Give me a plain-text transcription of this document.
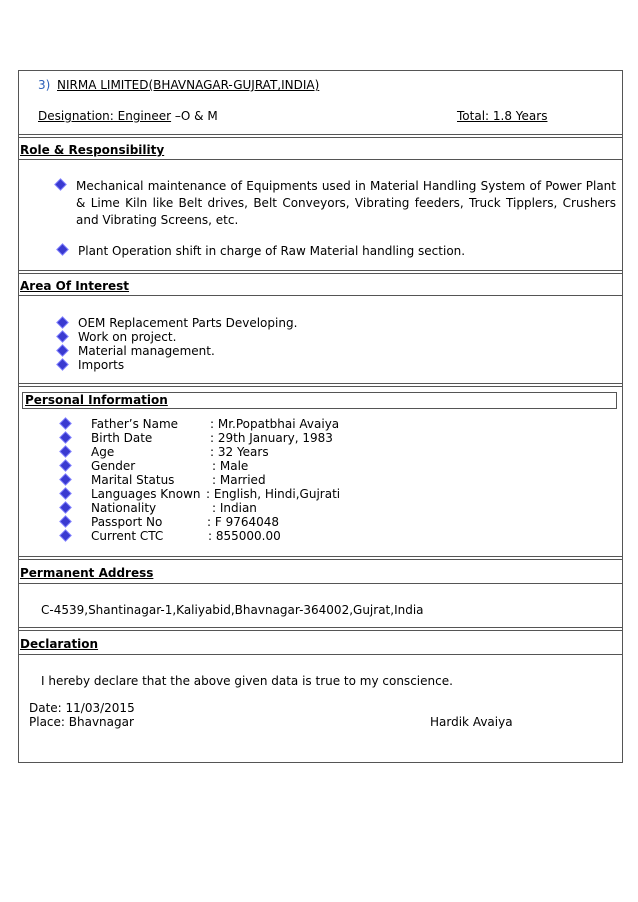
3) NIRMA LIMITED(BHAVNAGAR-GUJRAT,INDIA)
Designation: Engineer –O & M	Total: 1.8 Years
Role & Responsibility
Mechanical maintenance of Equipments used in Material Handling System of Power Plant & Lime Kiln like Belt drives, Belt Conveyors, Vibrating feeders, Truck Tipplers, Crushers and Vibrating Screens, etc.
Plant Operation shift in charge of Raw Material handling section.
Area Of Interest
OEM Replacement Parts Developing.
Work on project.
Material management.
Imports
Personal Information
Father’s Name	: Mr.Popatbhai Avaiya
Birth Date	: 29th January, 1983
Age	: 32 Years
Gender	: Male
Marital Status	: Married
Languages Known : English, Hindi,Gujrati
Nationality	: Indian
Passport No	: F 9764048
Current CTC	: 855000.00
Permanent Address
C-4539,Shantinagar-1,Kaliyabid,Bhavnagar-364002,Gujrat,India
Declaration
I hereby declare that the above given data is true to my conscience.
Date: 11/03/2015
Place: Bhavnagar	Hardik Avaiya
